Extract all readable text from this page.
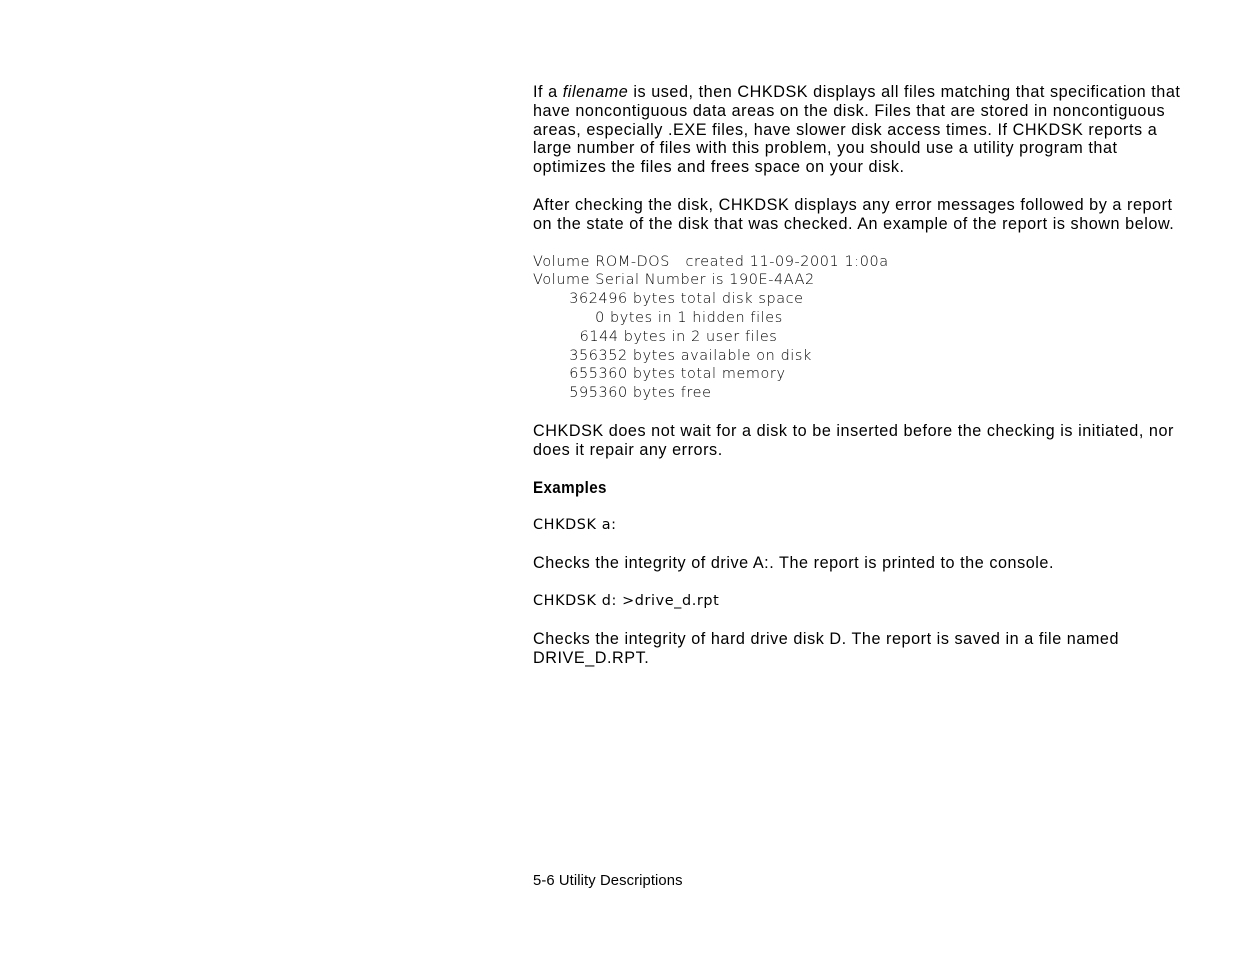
If a filename is used, then CHKDSK displays all files matching that specification that have noncontiguous data areas on the disk. Files that are stored in noncontiguous areas, especially .EXE files, have slower disk access times. If CHKDSK reports a large number of files with this problem, you should use a utility program that optimizes the files and frees space on your disk.

After checking the disk, CHKDSK displays any error messages followed by a report on the state of the disk that was checked. An example of the report is shown below.

Volume ROM-DOS   created 11-09-2001 1:00a
Volume Serial Number is 190E-4AA2
362496 bytes total disk space
0 bytes in 1 hidden files
6144 bytes in 2 user files
356352 bytes available on disk
655360 bytes total memory
595360 bytes free

CHKDSK does not wait for a disk to be inserted before the checking is initiated, nor does it repair any errors.

Examples
CHKDSK a:

Checks the integrity of drive A:. The report is printed to the console.

CHKDSK d: >drive_d.rpt

Checks the integrity of hard drive disk D. The report is saved in a file named DRIVE_D.RPT.

5-6 Utility Descriptions
